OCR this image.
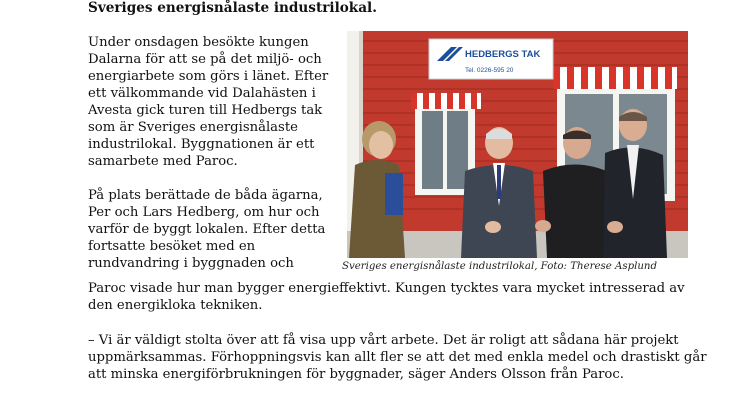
Sveriges energisnålaste industrilokal.

Under onsdagen besökte kungen Dalarna för att se på det miljö- och energiarbete som görs i länet. Efter ett välkommande vid Dalahästen i Avesta gick turen till Hedbergs tak som är Sveriges energisnålaste industrilokal. Byggnationen är ett samarbete med Paroc.

HEDBERGS TAK
Tel. 0226-595 20

Sveriges energisnålaste industrilokal, Foto: Therese Asplund

På plats berättade de båda ägarna, Per och Lars Hedberg, om hur och varför de byggt lokalen. Efter detta fortsatte besöket med en rundvandring i byggnaden och

Paroc visade hur man bygger energieffektivt. Kungen tycktes vara mycket intresserad av den energikloka tekniken.

– Vi är väldigt stolta över att få visa upp vårt arbete. Det är roligt att sådana här projekt uppmärksammas. Förhoppningsvis kan allt fler se att det med enkla medel och drastiskt går att minska energiförbrukningen för byggnader, säger Anders Olsson från Paroc.
